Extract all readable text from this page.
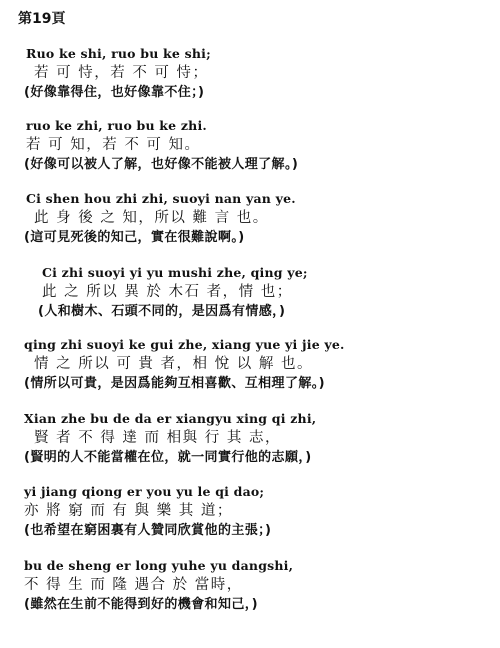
第19頁
Ruo ke shi, ruo bu ke shi;
若 可 恃，若 不 可 恃；
(好像靠得住，也好像靠不住；)
ruo ke zhi, ruo bu ke zhi.
若 可 知，若 不 可 知。
(好像可以被人了解，也好像不能被人理了解。)
Ci shen hou zhi zhi, suoyi nan yan ye.
此 身 後 之 知，所以 難 言 也。
(這可見死後的知己，實在很難說啊。)
Ci zhi suoyi yi yu mushi zhe, qing ye;
此 之 所以 異 於 木石 者，情 也；
(人和樹木、石頭不同的，是因爲有情感，)
qing zhi suoyi ke gui zhe, xiang yue yi jie ye.
情 之 所以 可 貴 者，相 悅 以 解 也。
(情所以可貴，是因爲能夠互相喜歡、互相理了解。)
Xian zhe bu de da er xiangyu xing qi zhi,
賢 者 不 得 達 而 相與 行 其 志，
(賢明的人不能當權在位，就一同實行他的志願，)
yi jiang qiong er you yu le qi dao;
亦 將 窮 而 有 與 樂 其 道；
(也希望在窮困裏有人贊同欣賞他的主張；)
bu de sheng er long yuhe yu dangshi,
不 得 生 而 隆 遇合 於 當時，
(雖然在生前不能得到好的機會和知己，)
